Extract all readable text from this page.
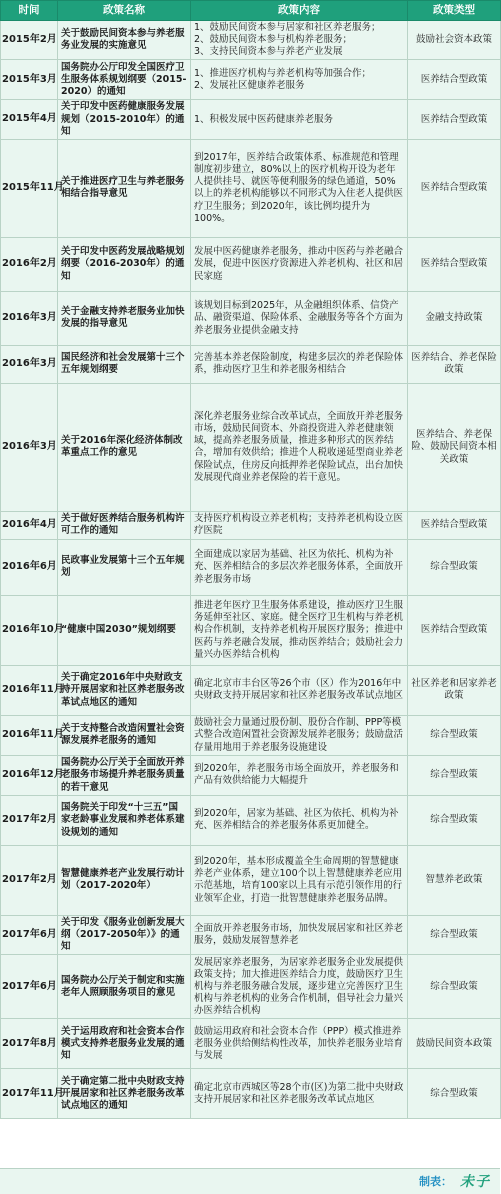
时间	政策名称	政策内容	政策类型
2015年2月	关于鼓励民间资本参与养老服务业发展的实施意见	1、鼓励民间资本参与居家和社区养老服务；
2、鼓励民间资本参与机构养老服务；
3、支持民间资本参与养老产业发展	鼓励社会资本政策
2015年3月	国务院办公厅印发全国医疗卫生服务体系规划纲要（2015-2020）的通知	1、推进医疗机构与养老机构等加强合作；
2、发展社区健康养老服务	医养结合型政策
2015年4月	关于印发中医药健康服务发展规划（2015-2010年）的通知	1、积极发展中医药健康养老服务	医养结合型政策
2015年11月	关于推进医疗卫生与养老服务相结合指导意见	到2017年，医养结合政策体系、标准规范和管理制度初步建立，80%以上的医疗机构开设为老年人提供挂号、就医等便利服务的绿色通道，50%以上的养老机构能够以不同形式为入住老人提供医疗卫生服务；到2020年，该比例均提升为100%。	医养结合型政策
2016年2月	关于印发中医药发展战略规划纲要（2016-2030年）的通知	发展中医药健康养老服务，推动中医药与养老融合发展，促进中医医疗资源进入养老机构、社区和居民家庭	医养结合型政策
2016年3月	关于金融支持养老服务业加快发展的指导意见	该规划目标到2025年，从金融组织体系、信贷产品、融资渠道、保险体系、金融服务等各个方面为养老服务业提供金融支持	金融支持政策
2016年3月	国民经济和社会发展第十三个五年规划纲要	完善基本养老保险制度，构建多层次的养老保险体系，推动医疗卫生和养老服务相结合	医养结合、养老保险政策
2016年3月	关于2016年深化经济体制改革重点工作的意见	深化养老服务业综合改革试点，全面放开养老服务市场，鼓励民间资本、外商投资进入养老健康领域，提高养老服务质量，推进多种形式的医养结合，增加有效供给；推进个人税收递延型商业养老保险试点，住房反向抵押养老保险试点，出台加快发展现代商业养老保险的若干意见。	医养结合、养老保险、鼓励民间资本相关政策
2016年4月	关于做好医养结合服务机构许可工作的通知	支持医疗机构设立养老机构；支持养老机构设立医疗医院	医养结合型政策
2016年6月	民政事业发展第十三个五年规划	全面建成以家居为基础、社区为依托、机构为补充、医养相结合的多层次养老服务体系，全面放开养老服务市场	综合型政策
2016年10月	“健康中国2030”规划纲要	推进老年医疗卫生服务体系建设，推动医疗卫生服务延伸至社区、家庭。健全医疗卫生机构与养老机构合作机制，支持养老机构开展医疗服务；推进中医药与养老融合发展，推动医养结合；鼓励社会力量兴办医养结合机构	医养结合型政策
2016年11月	关于确定2016年中央财政支持开展居家和社区养老服务改革试点地区的通知	确定北京市丰台区等26个市（区）作为2016年中央财政支持开展居家和社区养老服务改革试点地区	社区养老和居家养老政策
2016年11月	关于支持整合改造闲置社会资源发展养老服务的通知	鼓励社会力量通过股份制、股份合作制、PPP等模式整合改造闲置社会资源发展养老服务；鼓励盘活存量用地用于养老服务设施建设	综合型政策
2016年12月	国务院办公厅关于全面放开养老服务市场提升养老服务质量的若干意见	到2020年，养老服务市场全面放开，养老服务和产品有效供给能力大幅提升	综合型政策
2017年2月	国务院关于印发“十三五”国家老龄事业发展和养老体系建设规划的通知	到2020年，居家为基础、社区为依托、机构为补充、医养相结合的养老服务体系更加健全。	综合型政策
2017年2月	智慧健康养老产业发展行动计划（2017-2020年）	到2020年，基本形成覆盖全生命周期的智慧健康养老产业体系，建立100个以上智慧健康养老应用示范基地，培育100家以上具有示范引领作用的行业领军企业，打造一批智慧健康养老服务品牌。	智慧养老政策
2017年6月	关于印发《服务业创新发展大纲（2017-2050年）》的通知	全面放开养老服务市场，加快发展居家和社区养老服务，鼓励发展智慧养老	综合型政策
2017年6月	国务院办公厅关于制定和实施老年人照顾服务项目的意见	发展居家养老服务，为居家养老服务企业发展提供政策支持；加大推进医养结合力度，鼓励医疗卫生机构与养老服务融合发展，逐步建立完善医疗卫生机构与养老机构的业务合作机制，倡导社会力量兴办医养结合机构	综合型政策
2017年8月	关于运用政府和社会资本合作模式支持养老服务业发展的通知	鼓励运用政府和社会资本合作（PPP）模式推进养老服务业供给侧结构性改革，加快养老服务业培育与发展	鼓励民间资本政策
2017年11月	关于确定第二批中央财政支持开展居家和社区养老服务改革试点地区的通知	确定北京市西城区等28个市(区)为第二批中央财政支持开展居家和社区养老服务改革试点地区	综合型政策
制表： 未子
